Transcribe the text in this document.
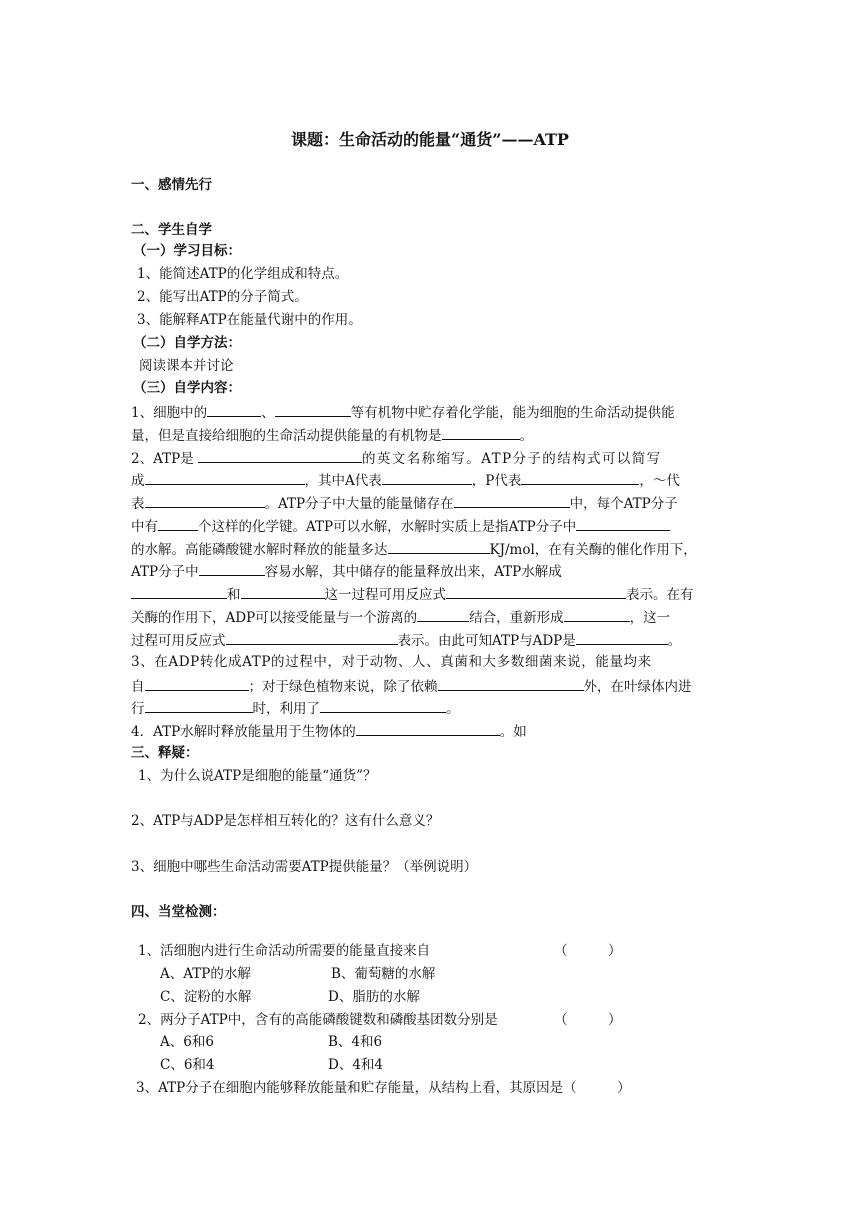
课题：生命活动的能量“通货”——ATP
一、感情先行
二、学生自学
（一）学习目标：
1、能简述ATP的化学组成和特点。
2、能写出ATP的分子简式。
3、能解释ATP在能量代谢中的作用。
（二）自学方法：
阅读课本并讨论
（三）自学内容：
1、细胞中的	、	等有机物中贮存着化学能，能为细胞的生命活动提供能
量，但是直接给细胞的生命活动提供能量的有机物是	。
2、ATP是	的英文名称缩写。ATP分子的结构式可以简写
成	，其中A代表	，P代表	，～代
表	。ATP分子中大量的能量储存在	中，每个ATP分子
中有	个这样的化学键。ATP可以水解，水解时实质上是指ATP分子中
的水解。高能磷酸键水解时释放的能量多达	KJ/mol，在有关酶的催化作用下，
ATP分子中	容易水解，其中储存的能量释放出来，ATP水解成
和	这一过程可用反应式	表示。在有
关酶的作用下，ADP可以接受能量与一个游离的	结合，重新形成	，这一
过程可用反应式	表示。由此可知ATP与ADP是	。
3、在ADP转化成ATP的过程中，对于动物、人、真菌和大多数细菌来说，能量均来
自	；对于绿色植物来说，除了依赖	外，在叶绿体内进
行	时，利用了	。
4．ATP水解时释放能量用于生物体的	。如
三、释疑：
1、为什么说ATP是细胞的能量“通货”？
2、ATP与ADP是怎样相互转化的？这有什么意义？
3、细胞中哪些生命活动需要ATP提供能量？（举例说明）
四、当堂检测：
1、活细胞内进行生命活动所需要的能量直接来自	（　　　）
A、ATP的水解	B、葡萄糖的水解
C、淀粉的水解	D、脂肪的水解
2、两分子ATP中，含有的高能磷酸键数和磷酸基团数分别是	（　　　）
A、6和6	B、4和6
C、6和4	D、4和4
3、ATP分子在细胞内能够释放能量和贮存能量，从结构上看，其原因是（　　　）
